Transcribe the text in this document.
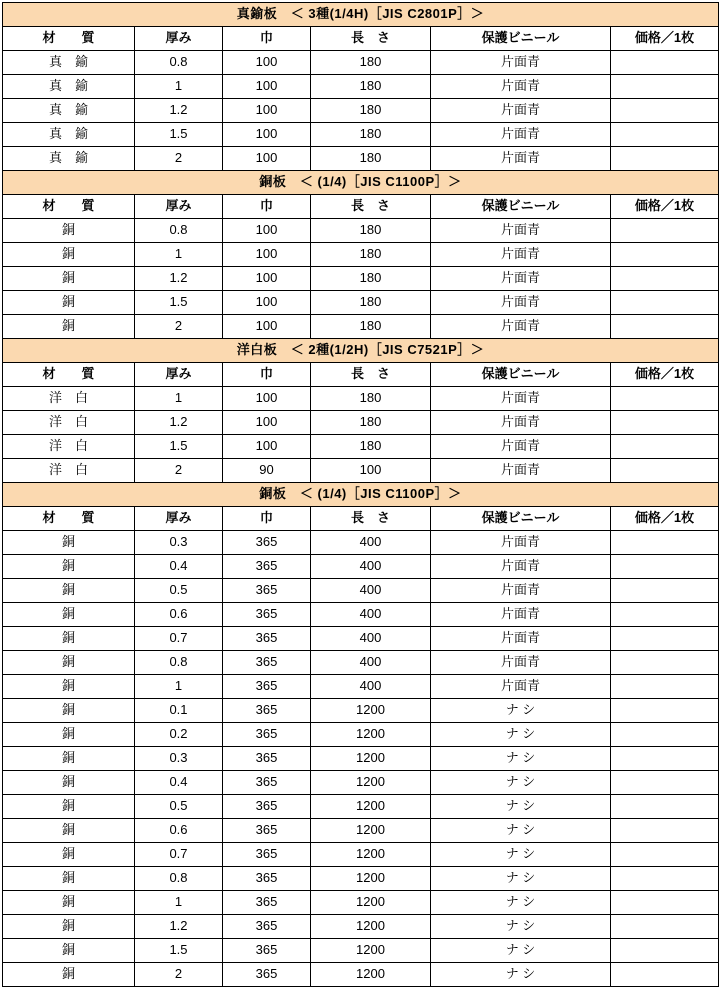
真鍮板　＜ 3種(1/4H)［JIS C2801P］＞					
材　　質	厚み	巾	長　さ	保護ビニール	価格／1枚
真　鍮	0.8	100	180	片面青	
真　鍮	1	100	180	片面青	
真　鍮	1.2	100	180	片面青	
真　鍮	1.5	100	180	片面青	
真　鍮	2	100	180	片面青	
銅板　＜ (1/4)［JIS C1100P］＞					
材　　質	厚み	巾	長　さ	保護ビニール	価格／1枚
銅	0.8	100	180	片面青	
銅	1	100	180	片面青	
銅	1.2	100	180	片面青	
銅	1.5	100	180	片面青	
銅	2	100	180	片面青	
洋白板　＜ 2種(1/2H)［JIS C7521P］＞					
材　　質	厚み	巾	長　さ	保護ビニール	価格／1枚
洋　白	1	100	180	片面青	
洋　白	1.2	100	180	片面青	
洋　白	1.5	100	180	片面青	
洋　白	2	90	100	片面青	
銅板　＜ (1/4)［JIS C1100P］＞					
材　　質	厚み	巾	長　さ	保護ビニール	価格／1枚
銅	0.3	365	400	片面青	
銅	0.4	365	400	片面青	
銅	0.5	365	400	片面青	
銅	0.6	365	400	片面青	
銅	0.7	365	400	片面青	
銅	0.8	365	400	片面青	
銅	1	365	400	片面青	
銅	0.1	365	1200	ナ シ	
銅	0.2	365	1200	ナ シ	
銅	0.3	365	1200	ナ シ	
銅	0.4	365	1200	ナ シ	
銅	0.5	365	1200	ナ シ	
銅	0.6	365	1200	ナ シ	
銅	0.7	365	1200	ナ シ	
銅	0.8	365	1200	ナ シ	
銅	1	365	1200	ナ シ	
銅	1.2	365	1200	ナ シ	
銅	1.5	365	1200	ナ シ	
銅	2	365	1200	ナ シ	
